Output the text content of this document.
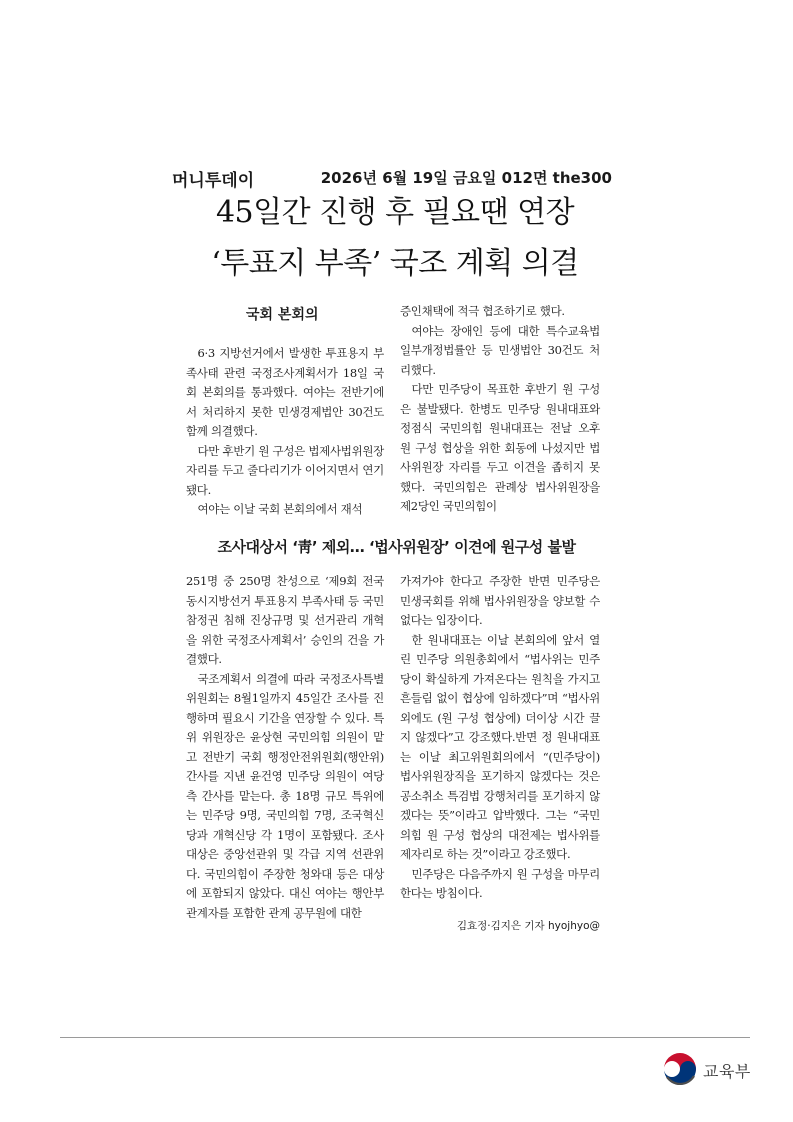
머니투데이	2026년 6월 19일 금요일 012면 the300
45일간 진행 후 필요땐 연장
‘투표지 부족’ 국조 계획 의결
국회 본회의

6·3 지방선거에서 발생한 투표용지 부족사태 관련 국정조사계획서가 18일 국회 본회의를 통과했다. 여야는 전반기에서 처리하지 못한 민생경제법안 30건도 함께 의결했다.

다만 후반기 원 구성은 법제사법위원장 자리를 두고 줄다리기가 이어지면서 연기됐다.

여야는 이날 국회 본회의에서 재석

증인채택에 적극 협조하기로 했다.

여야는 장애인 등에 대한 특수교육법 일부개정법률안 등 민생법안 30건도 처리했다.

다만 민주당이 목표한 후반기 원 구성은 불발됐다. 한병도 민주당 원내대표와 정점식 국민의힘 원내대표는 전날 오후 원 구성 협상을 위한 회동에 나섰지만 법사위원장 자리를 두고 이견을 좁히지 못했다. 국민의힘은 관례상 법사위원장을 제2당인 국민의힘이

조사대상서 ‘靑’ 제외… ‘법사위원장’ 이견에 원구성 불발

251명 중 250명 찬성으로 ‘제9회 전국동시지방선거 투표용지 부족사태 등 국민참정권 침해 진상규명 및 선거관리 개혁을 위한 국정조사계획서’ 승인의 건을 가결했다.

국조계획서 의결에 따라 국정조사특별위원회는 8월1일까지 45일간 조사를 진행하며 필요시 기간을 연장할 수 있다. 특위 위원장은 윤상현 국민의힘 의원이 맡고 전반기 국회 행정안전위원회(행안위) 간사를 지낸 윤건영 민주당 의원이 여당 측 간사를 맡는다. 총 18명 규모 특위에는 민주당 9명, 국민의힘 7명, 조국혁신당과 개혁신당 각 1명이 포함됐다. 조사대상은 중앙선관위 및 각급 지역 선관위다. 국민의힘이 주장한 청와대 등은 대상에 포함되지 않았다. 대신 여야는 행안부 관계자를 포함한 관계 공무원에 대한

가져가야 한다고 주장한 반면 민주당은 민생국회를 위해 법사위원장을 양보할 수 없다는 입장이다.

한 원내대표는 이날 본회의에 앞서 열린 민주당 의원총회에서 “법사위는 민주당이 확실하게 가져온다는 원칙을 가지고 흔들림 없이 협상에 임하겠다”며 “법사위 외에도 (원 구성 협상에) 더이상 시간 끌지 않겠다”고 강조했다.반면 정 원내대표는 이날 최고위원회의에서 “(민주당이) 법사위원장직을 포기하지 않겠다는 것은 공소취소 특검법 강행처리를 포기하지 않겠다는 뜻”이라고 압박했다. 그는 “국민의힘 원 구성 협상의 대전제는 법사위를 제자리로 하는 것”이라고 강조했다.

민주당은 다음주까지 원 구성을 마무리한다는 방침이다.

김효정·김지은 기자 hyojhyo@
교육부
